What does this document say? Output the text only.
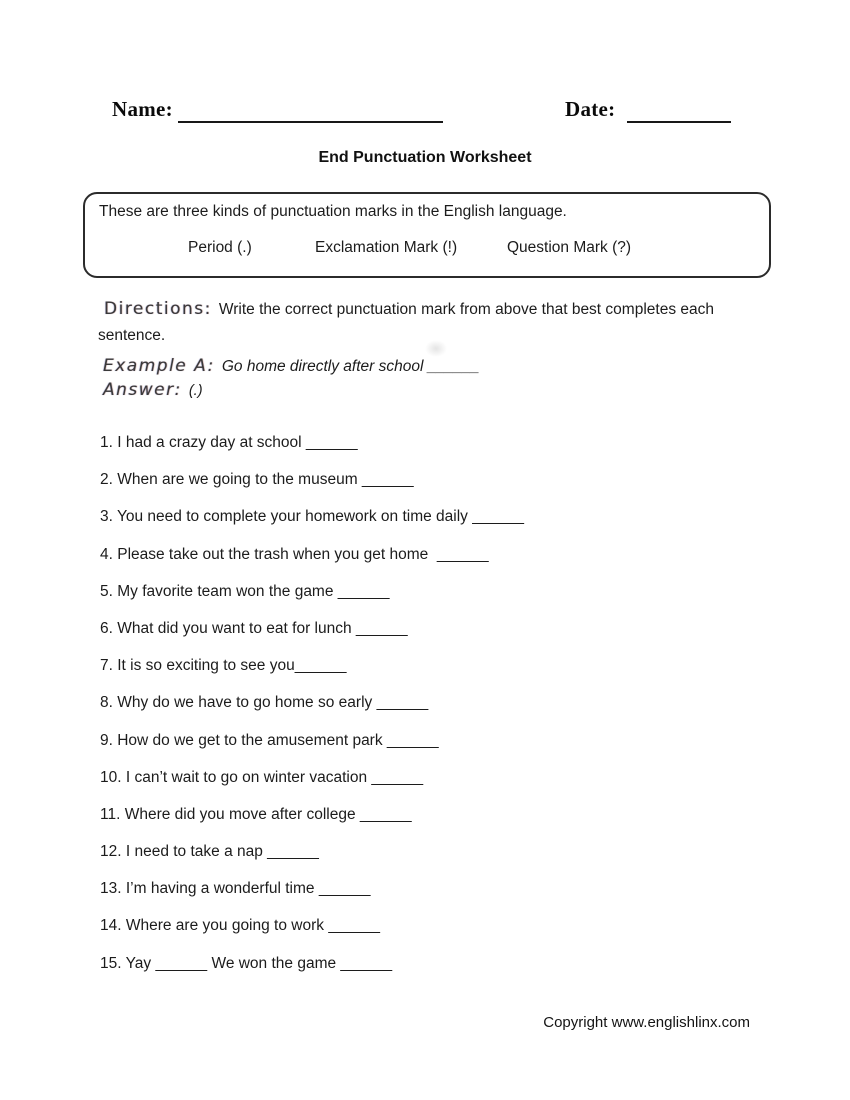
Name:	Date:
End Punctuation Worksheet
These are three kinds of punctuation marks in the English language.
Period (.)	Exclamation Mark (!)	Question Mark (?)
Directions: Write the correct punctuation mark from above that best completes each sentence.
Example A: Go home directly after school ______
Answer: (.)
1. I had a crazy day at school ______
2. When are we going to the museum ______
3. You need to complete your homework on time daily ______
4. Please take out the trash when you get home  ______
5. My favorite team won the game ______
6. What did you want to eat for lunch ______
7. It is so exciting to see you______
8. Why do we have to go home so early ______
9. How do we get to the amusement park ______
10. I can’t wait to go on winter vacation ______
11. Where did you move after college ______
12. I need to take a nap ______
13. I’m having a wonderful time ______
14. Where are you going to work ______
15. Yay ______ We won the game ______
Copyright www.englishlinx.com
